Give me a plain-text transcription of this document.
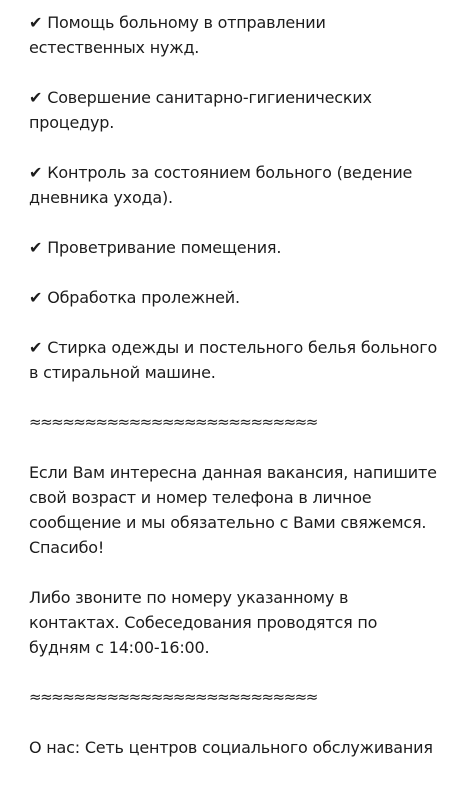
✔ Помощь больному в отправлении естественных нужд.

✔ Совершение санитарно-гигиенических процедур.

✔ Контроль за состоянием больного (ведение дневника ухода).

✔ Проветривание помещения.

✔ Обработка пролежней.

✔ Стирка одежды и постельного белья больного в стиральной машине.

≈≈≈≈≈≈≈≈≈≈≈≈≈≈≈≈≈≈≈≈≈≈≈≈≈≈

Если Вам интересна данная вакансия, напишите свой возраст и номер телефона в личное сообщение и мы обязательно с Вами свяжемся. Спасибо!

Либо звоните по номеру указанному в контактах. Собеседования проводятся по будням с 14:00-16:00.

≈≈≈≈≈≈≈≈≈≈≈≈≈≈≈≈≈≈≈≈≈≈≈≈≈≈

О нас: Сеть центров социального обслуживания
